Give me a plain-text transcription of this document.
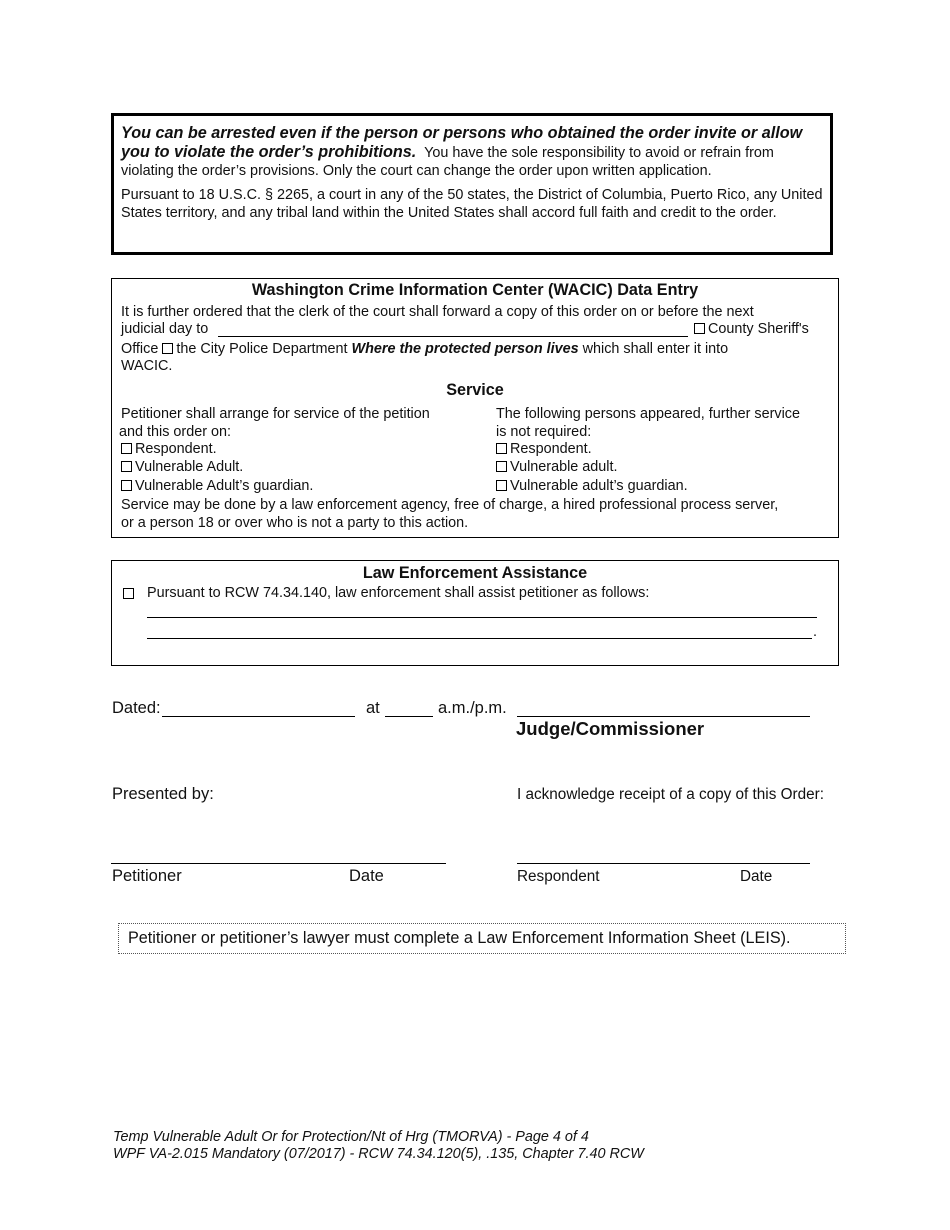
You can be arrested even if the person or persons who obtained the order invite or allow you to violate the order’s prohibitions. You have the sole responsibility to avoid or refrain from violating the order’s provisions. Only the court can change the order upon written application.

Pursuant to 18 U.S.C. § 2265, a court in any of the 50 states, the District of Columbia, Puerto Rico, any United States territory, and any tribal land within the United States shall accord full faith and credit to the order.

Washington Crime Information Center (WACIC) Data Entry
It is further ordered that the clerk of the court shall forward a copy of this order on or before the next
judicial day to	County Sheriff's
Office the City Police Department Where the protected person lives which shall enter it into
WACIC.
Service
Petitioner shall arrange for service of the petition
and this order on:
Respondent.
Vulnerable Adult.
Vulnerable Adult’s guardian.
The following persons appeared, further service
is not required:
Respondent.
Vulnerable adult.
Vulnerable adult’s guardian.
Service may be done by a law enforcement agency, free of charge, a hired professional process server,
or a person 18 or over who is not a party to this action.
Law Enforcement Assistance
Pursuant to RCW 74.34.140, law enforcement shall assist petitioner as follows:
.
Dated:	at	a.m./p.m.
Judge/Commissioner
Presented by:	I acknowledge receipt of a copy of this Order:
Petitioner	Date	Respondent	Date
Petitioner or petitioner’s lawyer must complete a Law Enforcement Information Sheet (LEIS).
Temp Vulnerable Adult Or for Protection/Nt of Hrg (TMORVA) - Page 4 of 4
WPF VA-2.015 Mandatory (07/2017) - RCW 74.34.120(5), .135, Chapter 7.40 RCW
